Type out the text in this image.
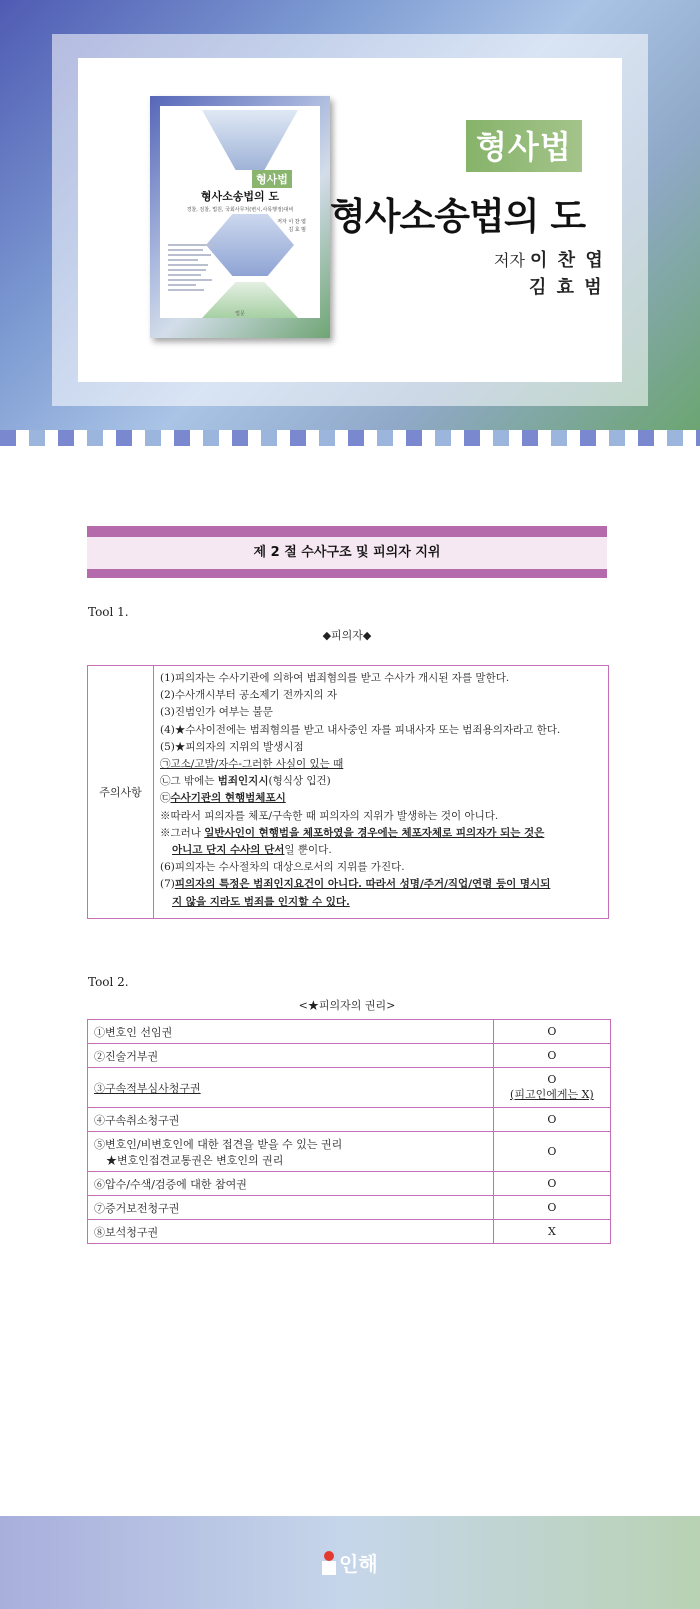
형사법
형사소송법의 도
경찰, 검찰, 법원, 국회사무처(변시,사목행정)대비
저자 이 찬 엽
김 효 범
법문
형사법
형사소송법의 도
저자 이 찬 엽
김 효 범
제 2 절 수사구조 및 피의자 지위
Tool 1.
◆피의자◆
주의사항
(1)피의자는 수사기관에 의하여 범죄혐의를 받고 수사가 개시된 자를 말한다.
(2)수사개시부터 공소제기 전까지의 자
(3)진범인가 여부는 불문
(4)★수사이전에는 범죄혐의를 받고 내사중인 자를 피내사자 또는 범죄용의자라고 한다.
(5)★피의자의 지위의 발생시점
㉠고소/고발/자수-그러한 사실이 있는 때
㉡그 밖에는 범죄인지시(형식상 입건)
㉢수사기관의 현행범체포시
※따라서 피의자를 체포/구속한 때 피의자의 지위가 발생하는 것이 아니다.
※그러나 일반사인이 현행범을 체포하였을 경우에는 체포자체로 피의자가 되는 것은
아니고 단지 수사의 단서일 뿐이다.
(6)피의자는 수사절차의 대상으로서의 지위를 가진다.
(7)피의자의 특정은 범죄인지요건이 아니다. 따라서 성명/주거/직업/연령 등이 명시되
지 않을 지라도 범죄를 인지할 수 있다.
Tool 2.
<★피의자의 권리>
①변호인 선임권	O
②진술거부권	O
③구속적부심사청구권	O
(피고인에게는 X)

④구속취소청구권	O

⑤변호인/비변호인에 대한 접견을 받을 수 있는 권리
★변호인접견교통권은 변호인의 권리	O
⑥압수/수색/검증에 대한 참여권	O
⑦증거보전청구권	O
⑧보석청구권	X
인해
